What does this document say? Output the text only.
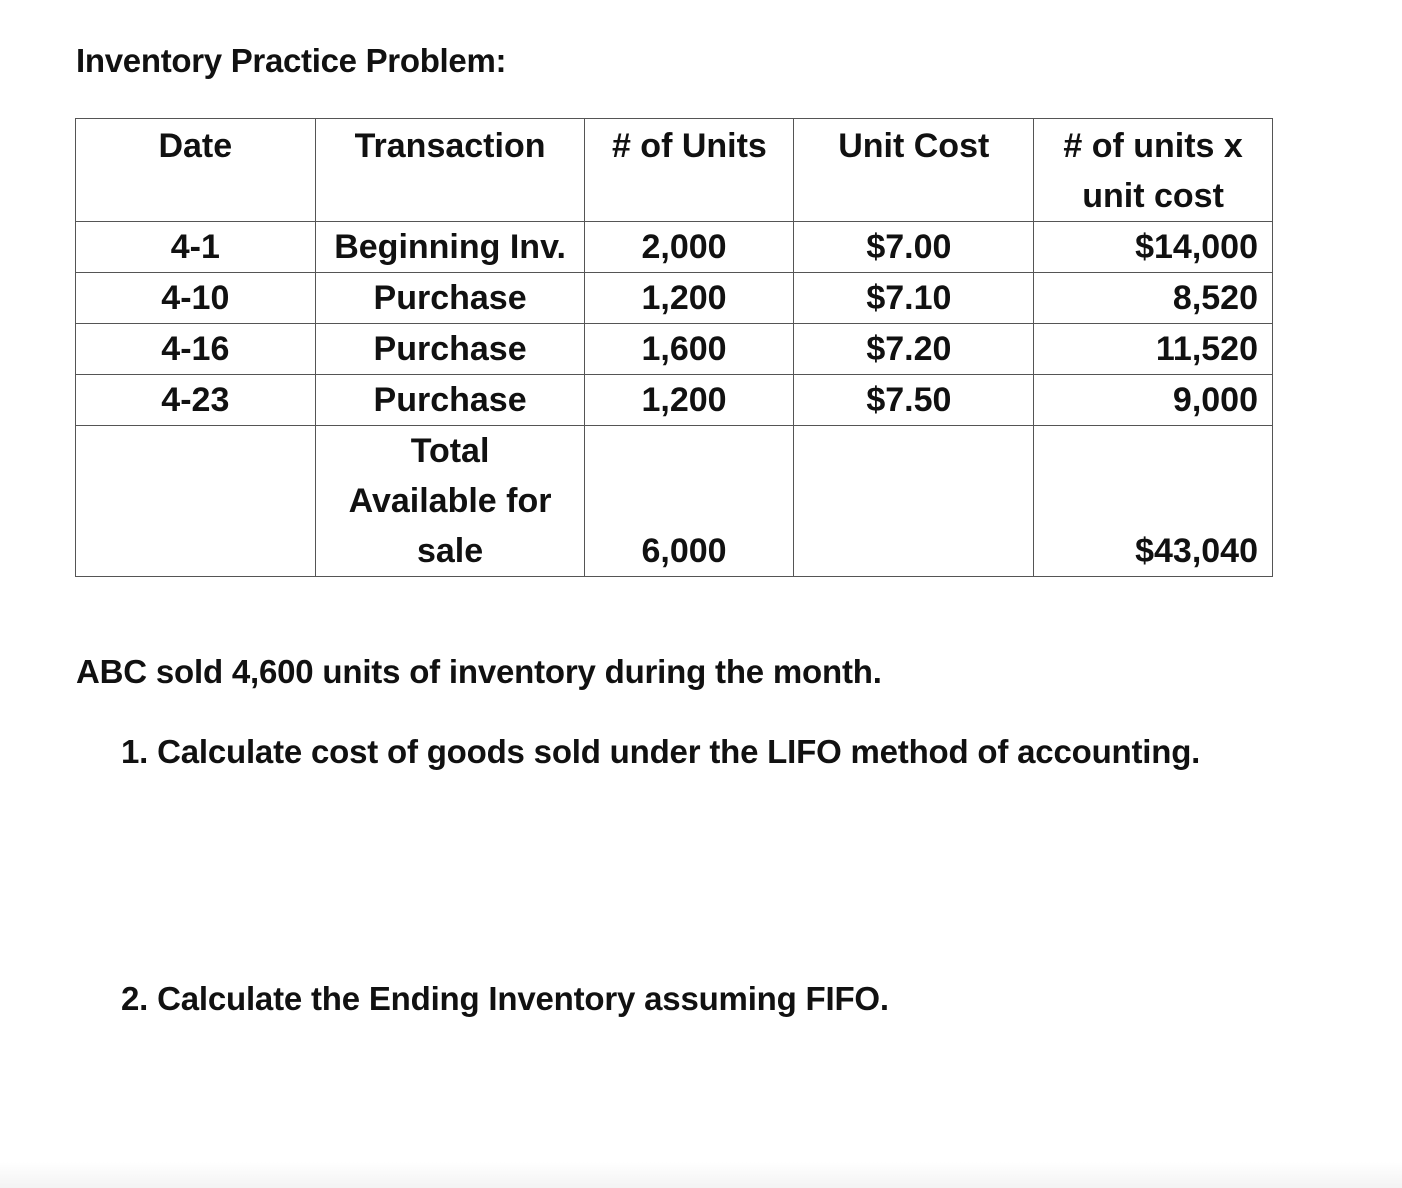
Inventory Practice Problem:
Date	Transaction	# of Units	Unit Cost	# of units x
unit cost

4-1	Beginning Inv.	2,000	$7.00	$14,000
4-10	Purchase	1,200	$7.10	8,520
4-16	Purchase	1,600	$7.20	11,520
4-23	Purchase	1,200	$7.50	9,000

	Total
Available for
sale	6,000		$43,040
ABC sold 4,600 units of inventory during the month.
1. Calculate cost of goods sold under the LIFO method of accounting.
2. Calculate the Ending Inventory assuming FIFO.
